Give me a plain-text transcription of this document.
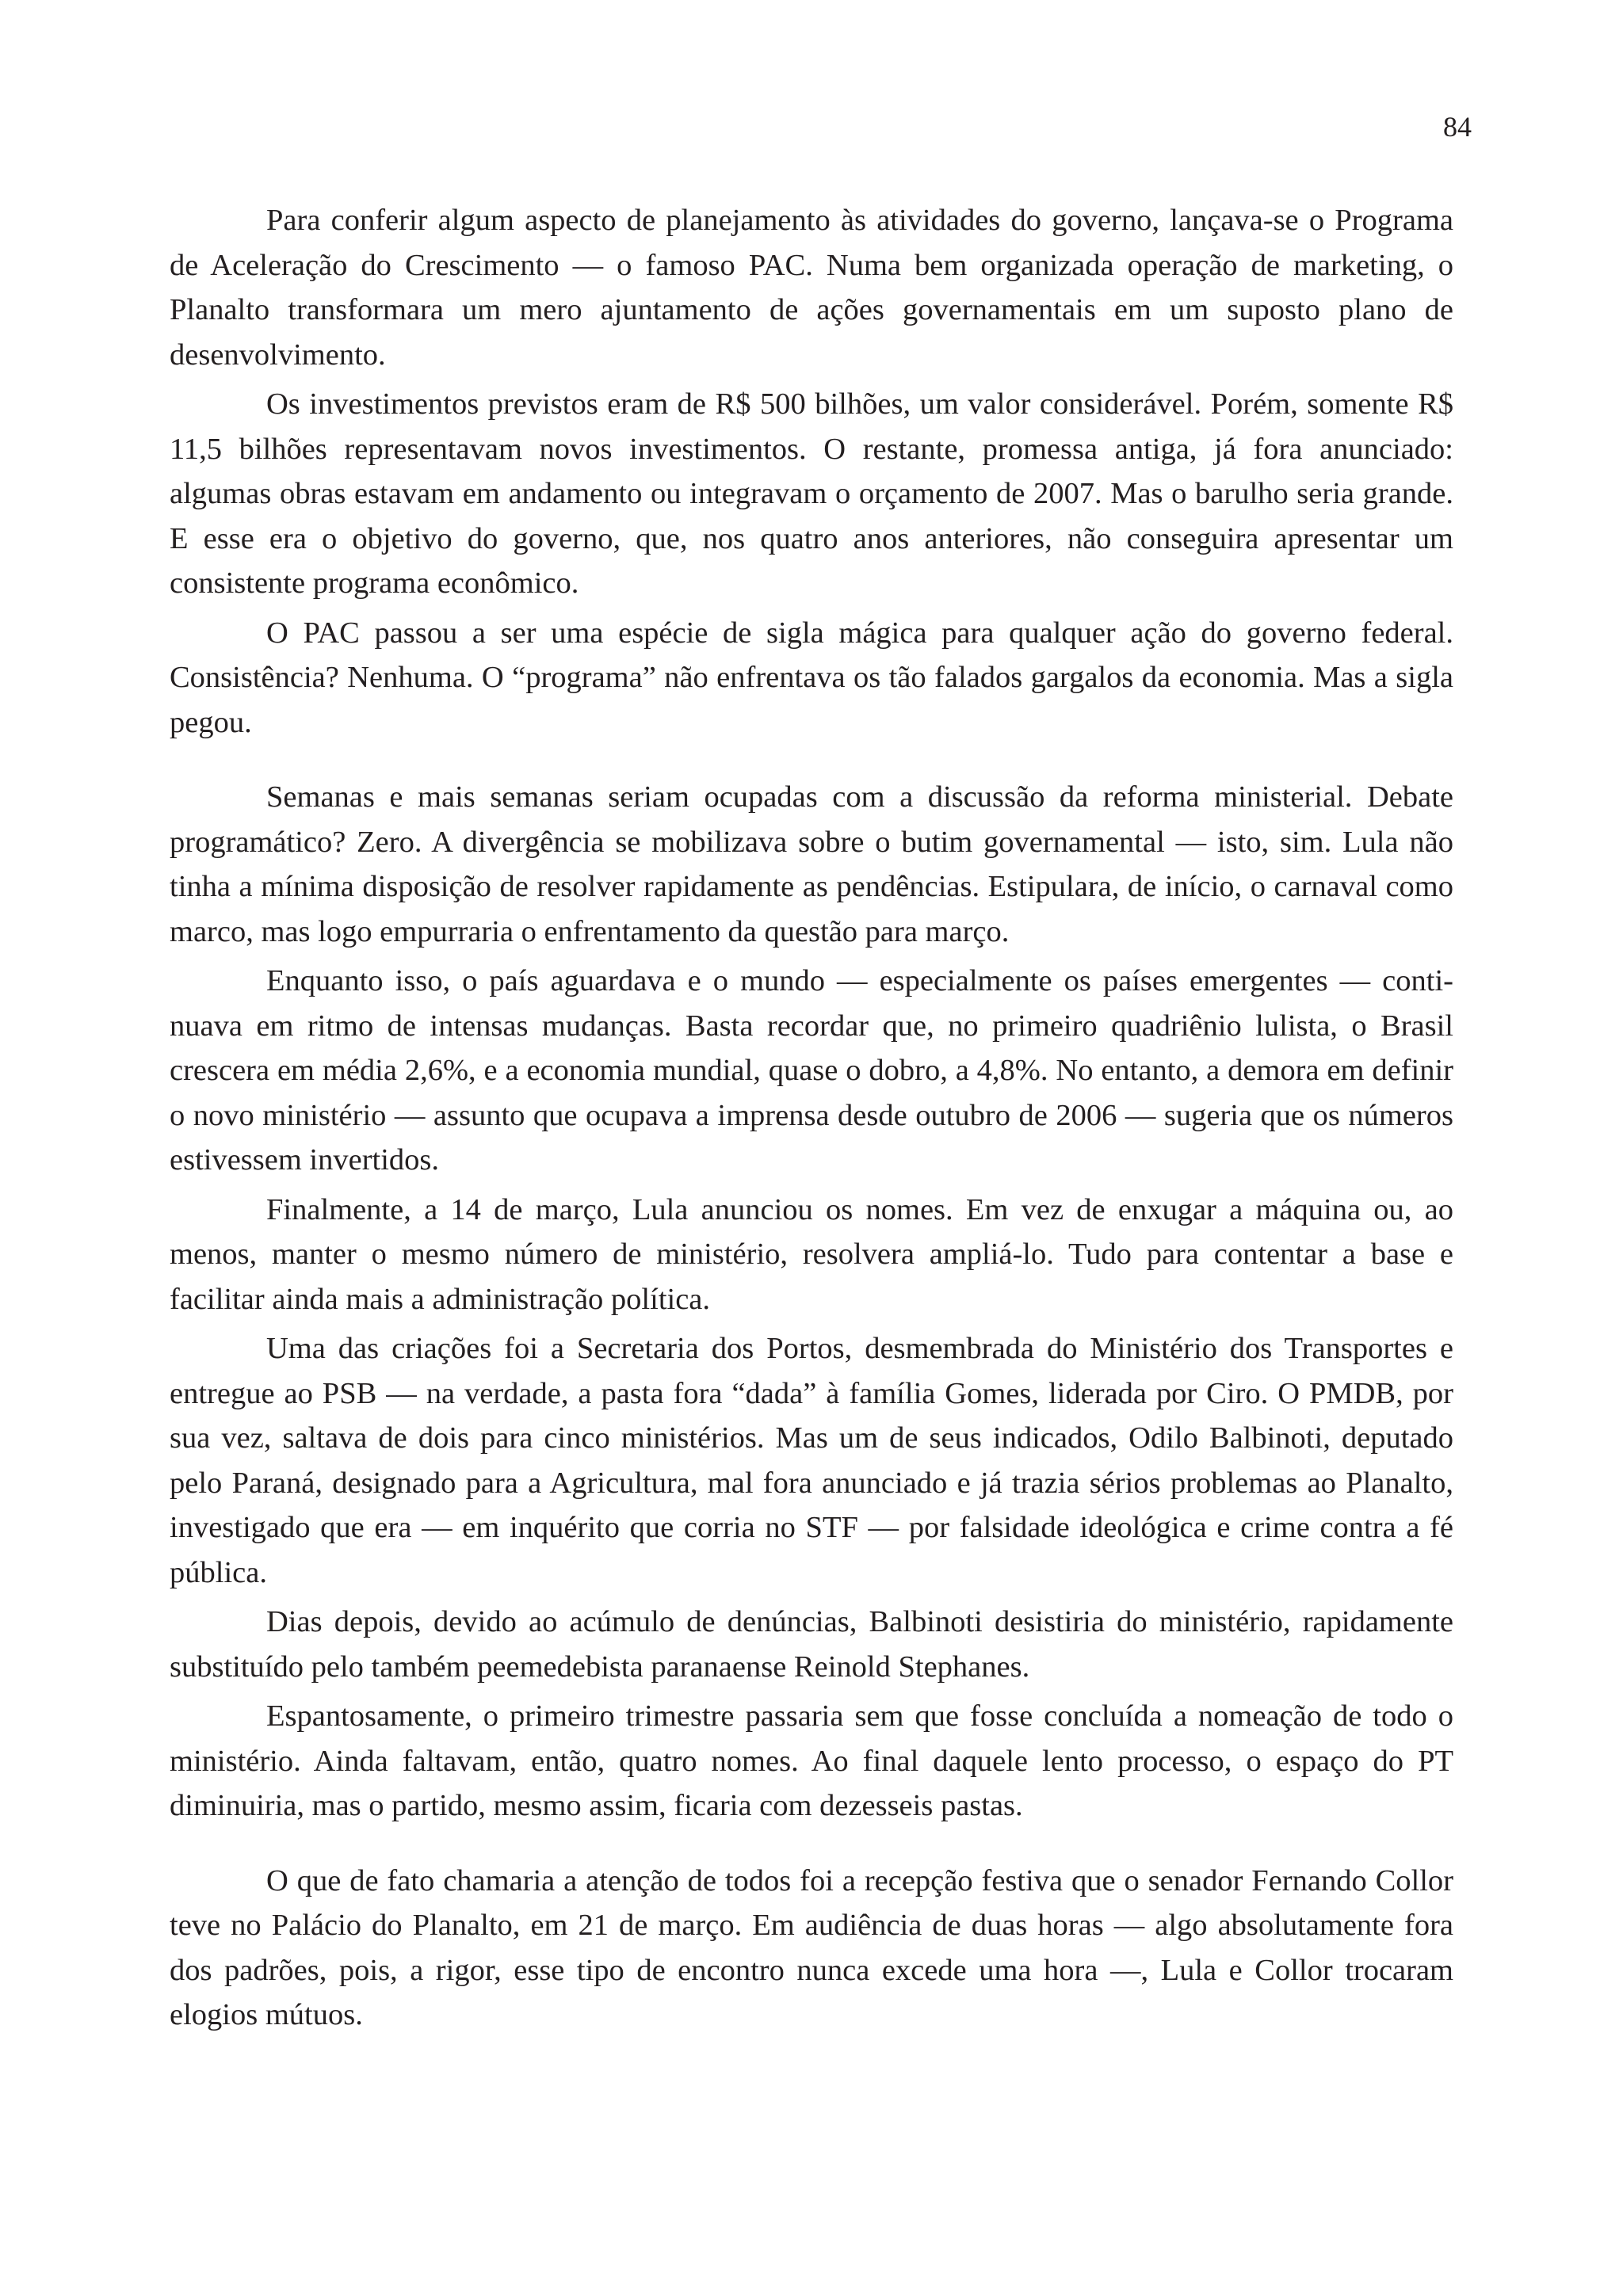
84

Para conferir algum aspecto de planejamento às atividades do governo, lançava-se o Programa de Aceleração do Crescimento — o famoso PAC. Numa bem organizada operação de marketing, o Planalto transformara um mero ajuntamento de ações governamentais em um suposto plano de desenvolvimento.

Os investimentos previstos eram de R$ 500 bilhões, um valor considerável. Porém, somente R$ 11,5 bilhões representavam novos investimentos. O restante, promessa antiga, já fora anunciado: algumas obras estavam em andamento ou integravam o orçamento de 2007. Mas o barulho seria grande. E esse era o objetivo do governo, que, nos quatro anos anteriores, não conseguira apresentar um consistente programa econômico.

O PAC passou a ser uma espécie de sigla mágica para qualquer ação do governo federal. Consistência? Nenhuma. O “programa” não enfrentava os tão falados gargalos da economia. Mas a sigla pegou.

Semanas e mais semanas seriam ocupadas com a discussão da reforma ministerial. Debate programático? Zero. A divergência se mobilizava sobre o butim governamental — isto, sim. Lula não tinha a mínima disposição de resolver rapidamente as pendências. Estipulara, de início, o carnaval como marco, mas logo empurraria o enfrentamento da questão para março.

Enquanto isso, o país aguardava e o mundo — especialmente os países emergentes — continuava em ritmo de intensas mudanças. Basta recordar que, no primeiro quadriênio lulista, o Brasil crescera em média 2,6%, e a economia mundial, quase o dobro, a 4,8%. No entanto, a demora em definir o novo ministério — assunto que ocupava a imprensa desde outubro de 2006 — sugeria que os números estivessem invertidos.

Finalmente, a 14 de março, Lula anunciou os nomes. Em vez de enxugar a máquina ou, ao menos, manter o mesmo número de ministério, resolvera ampliá-lo. Tudo para contentar a base e facilitar ainda mais a administração política.

Uma das criações foi a Secretaria dos Portos, desmembrada do Ministério dos Transportes e entregue ao PSB — na verdade, a pasta fora “dada” à família Gomes, liderada por Ciro. O PMDB, por sua vez, saltava de dois para cinco ministérios. Mas um de seus indicados, Odilo Balbinoti, deputado pelo Paraná, designado para a Agricultura, mal fora anunciado e já trazia sérios problemas ao Planalto, investigado que era — em inquérito que corria no STF — por falsidade ideológica e crime contra a fé pública.

Dias depois, devido ao acúmulo de denúncias, Balbinoti desistiria do ministério, rapidamente substituído pelo também peemedebista paranaense Reinold Stephanes.

Espantosamente, o primeiro trimestre passaria sem que fosse concluída a nomeação de todo o ministério. Ainda faltavam, então, quatro nomes. Ao final daquele lento processo, o espaço do PT diminuiria, mas o partido, mesmo assim, ficaria com dezesseis pastas.

O que de fato chamaria a atenção de todos foi a recepção festiva que o senador Fernando Collor teve no Palácio do Planalto, em 21 de março. Em audiência de duas horas — algo absolutamente fora dos padrões, pois, a rigor, esse tipo de encontro nunca excede uma hora —, Lula e Collor trocaram elogios mútuos.
